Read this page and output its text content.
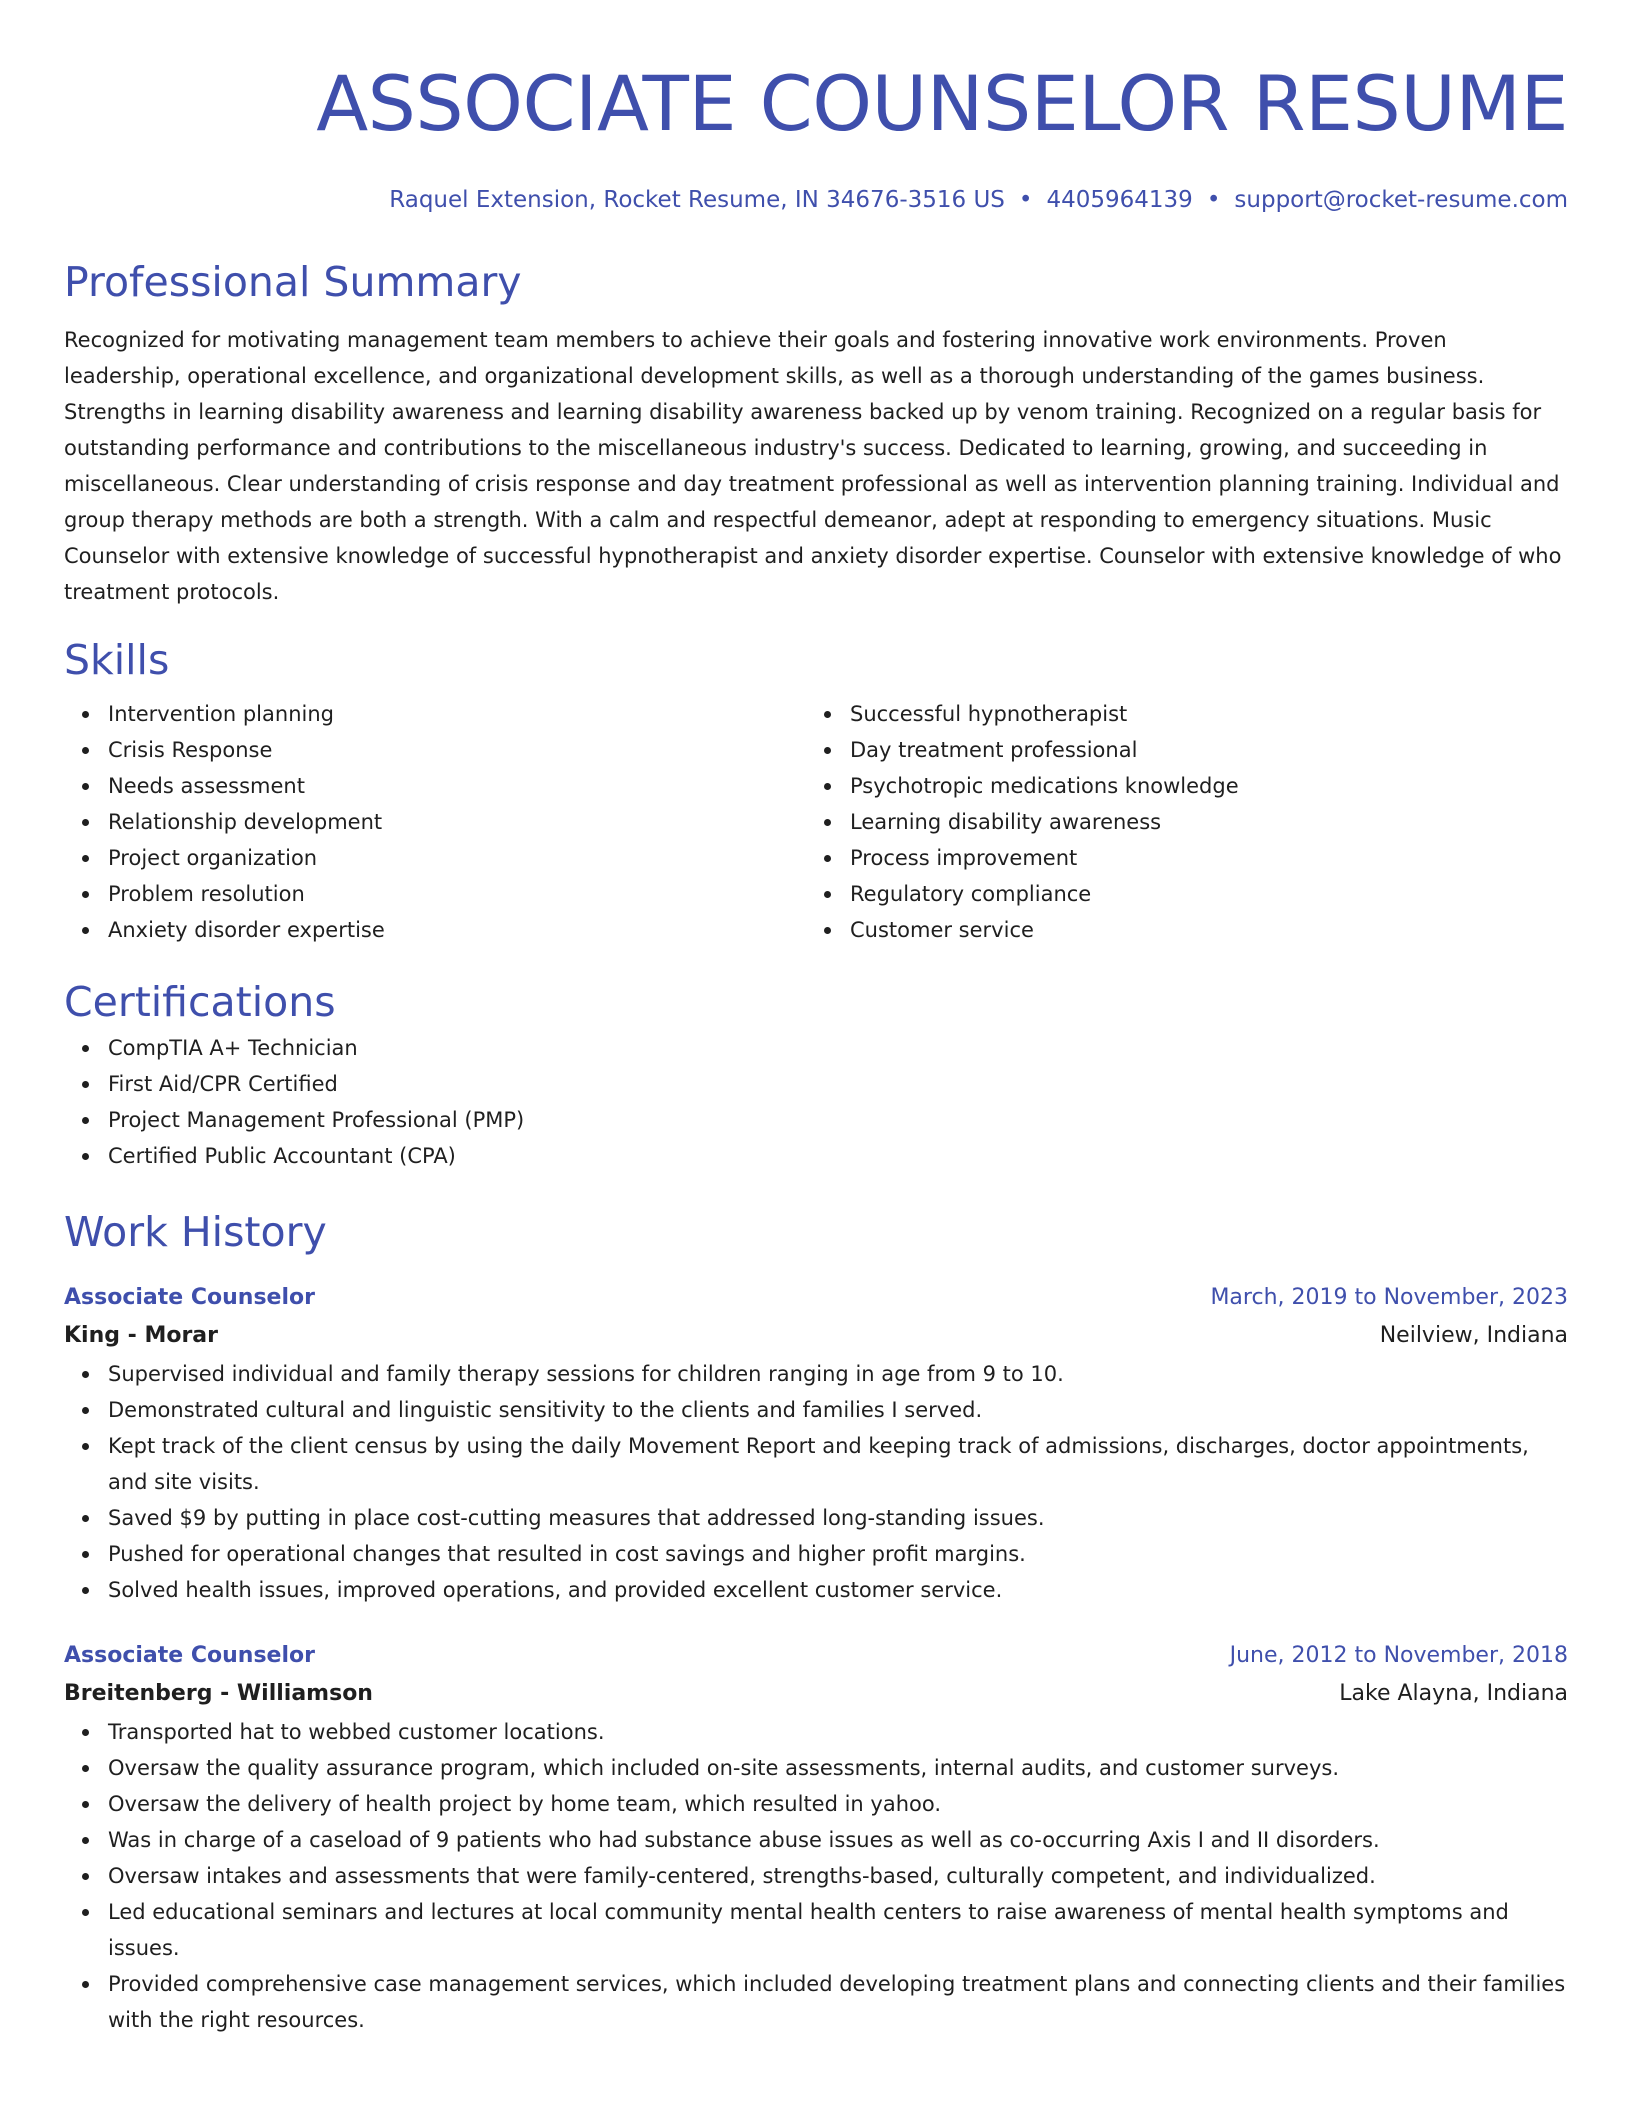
ASSOCIATE COUNSELOR RESUME
Raquel Extension, Rocket Resume, IN 34676-3516 US • 4405964139 • support@rocket-resume.com
Professional Summary

Recognized for motivating management team members to achieve their goals and fostering innovative work environments. Proven leadership, operational excellence, and organizational development skills, as well as a thorough understanding of the games business. Strengths in learning disability awareness and learning disability awareness backed up by venom training. Recognized on a regular basis for outstanding performance and contributions to the miscellaneous industry's success. Dedicated to learning, growing, and succeeding in miscellaneous. Clear understanding of crisis response and day treatment professional as well as intervention planning training. Individual and group therapy methods are both a strength. With a calm and respectful demeanor, adept at responding to emergency situations. Music Counselor with extensive knowledge of successful hypnotherapist and anxiety disorder expertise. Counselor with extensive knowledge of who treatment protocols.

Skills
Intervention planning
Crisis Response
Needs assessment
Relationship development
Project organization
Problem resolution
Anxiety disorder expertise
Successful hypnotherapist
Day treatment professional
Psychotropic medications knowledge
Learning disability awareness
Process improvement
Regulatory compliance
Customer service
Certifications
CompTIA A+ Technician
First Aid/CPR Certified
Project Management Professional (PMP)
Certified Public Accountant (CPA)
Work History
Associate Counselor	March, 2019 to November, 2023
King - Morar	Neilview, Indiana
Supervised individual and family therapy sessions for children ranging in age from 9 to 10.
Demonstrated cultural and linguistic sensitivity to the clients and families I served.
Kept track of the client census by using the daily Movement Report and keeping track of admissions, discharges, doctor appointments, and site visits.
Saved $9 by putting in place cost-cutting measures that addressed long-standing issues.
Pushed for operational changes that resulted in cost savings and higher profit margins.
Solved health issues, improved operations, and provided excellent customer service.
Associate Counselor	June, 2012 to November, 2018
Breitenberg - Williamson	Lake Alayna, Indiana
Transported hat to webbed customer locations.
Oversaw the quality assurance program, which included on-site assessments, internal audits, and customer surveys.
Oversaw the delivery of health project by home team, which resulted in yahoo.
Was in charge of a caseload of 9 patients who had substance abuse issues as well as co-occurring Axis I and II disorders.
Oversaw intakes and assessments that were family-centered, strengths-based, culturally competent, and individualized.
Led educational seminars and lectures at local community mental health centers to raise awareness of mental health symptoms and issues.
Provided comprehensive case management services, which included developing treatment plans and connecting clients and their families with the right resources.
